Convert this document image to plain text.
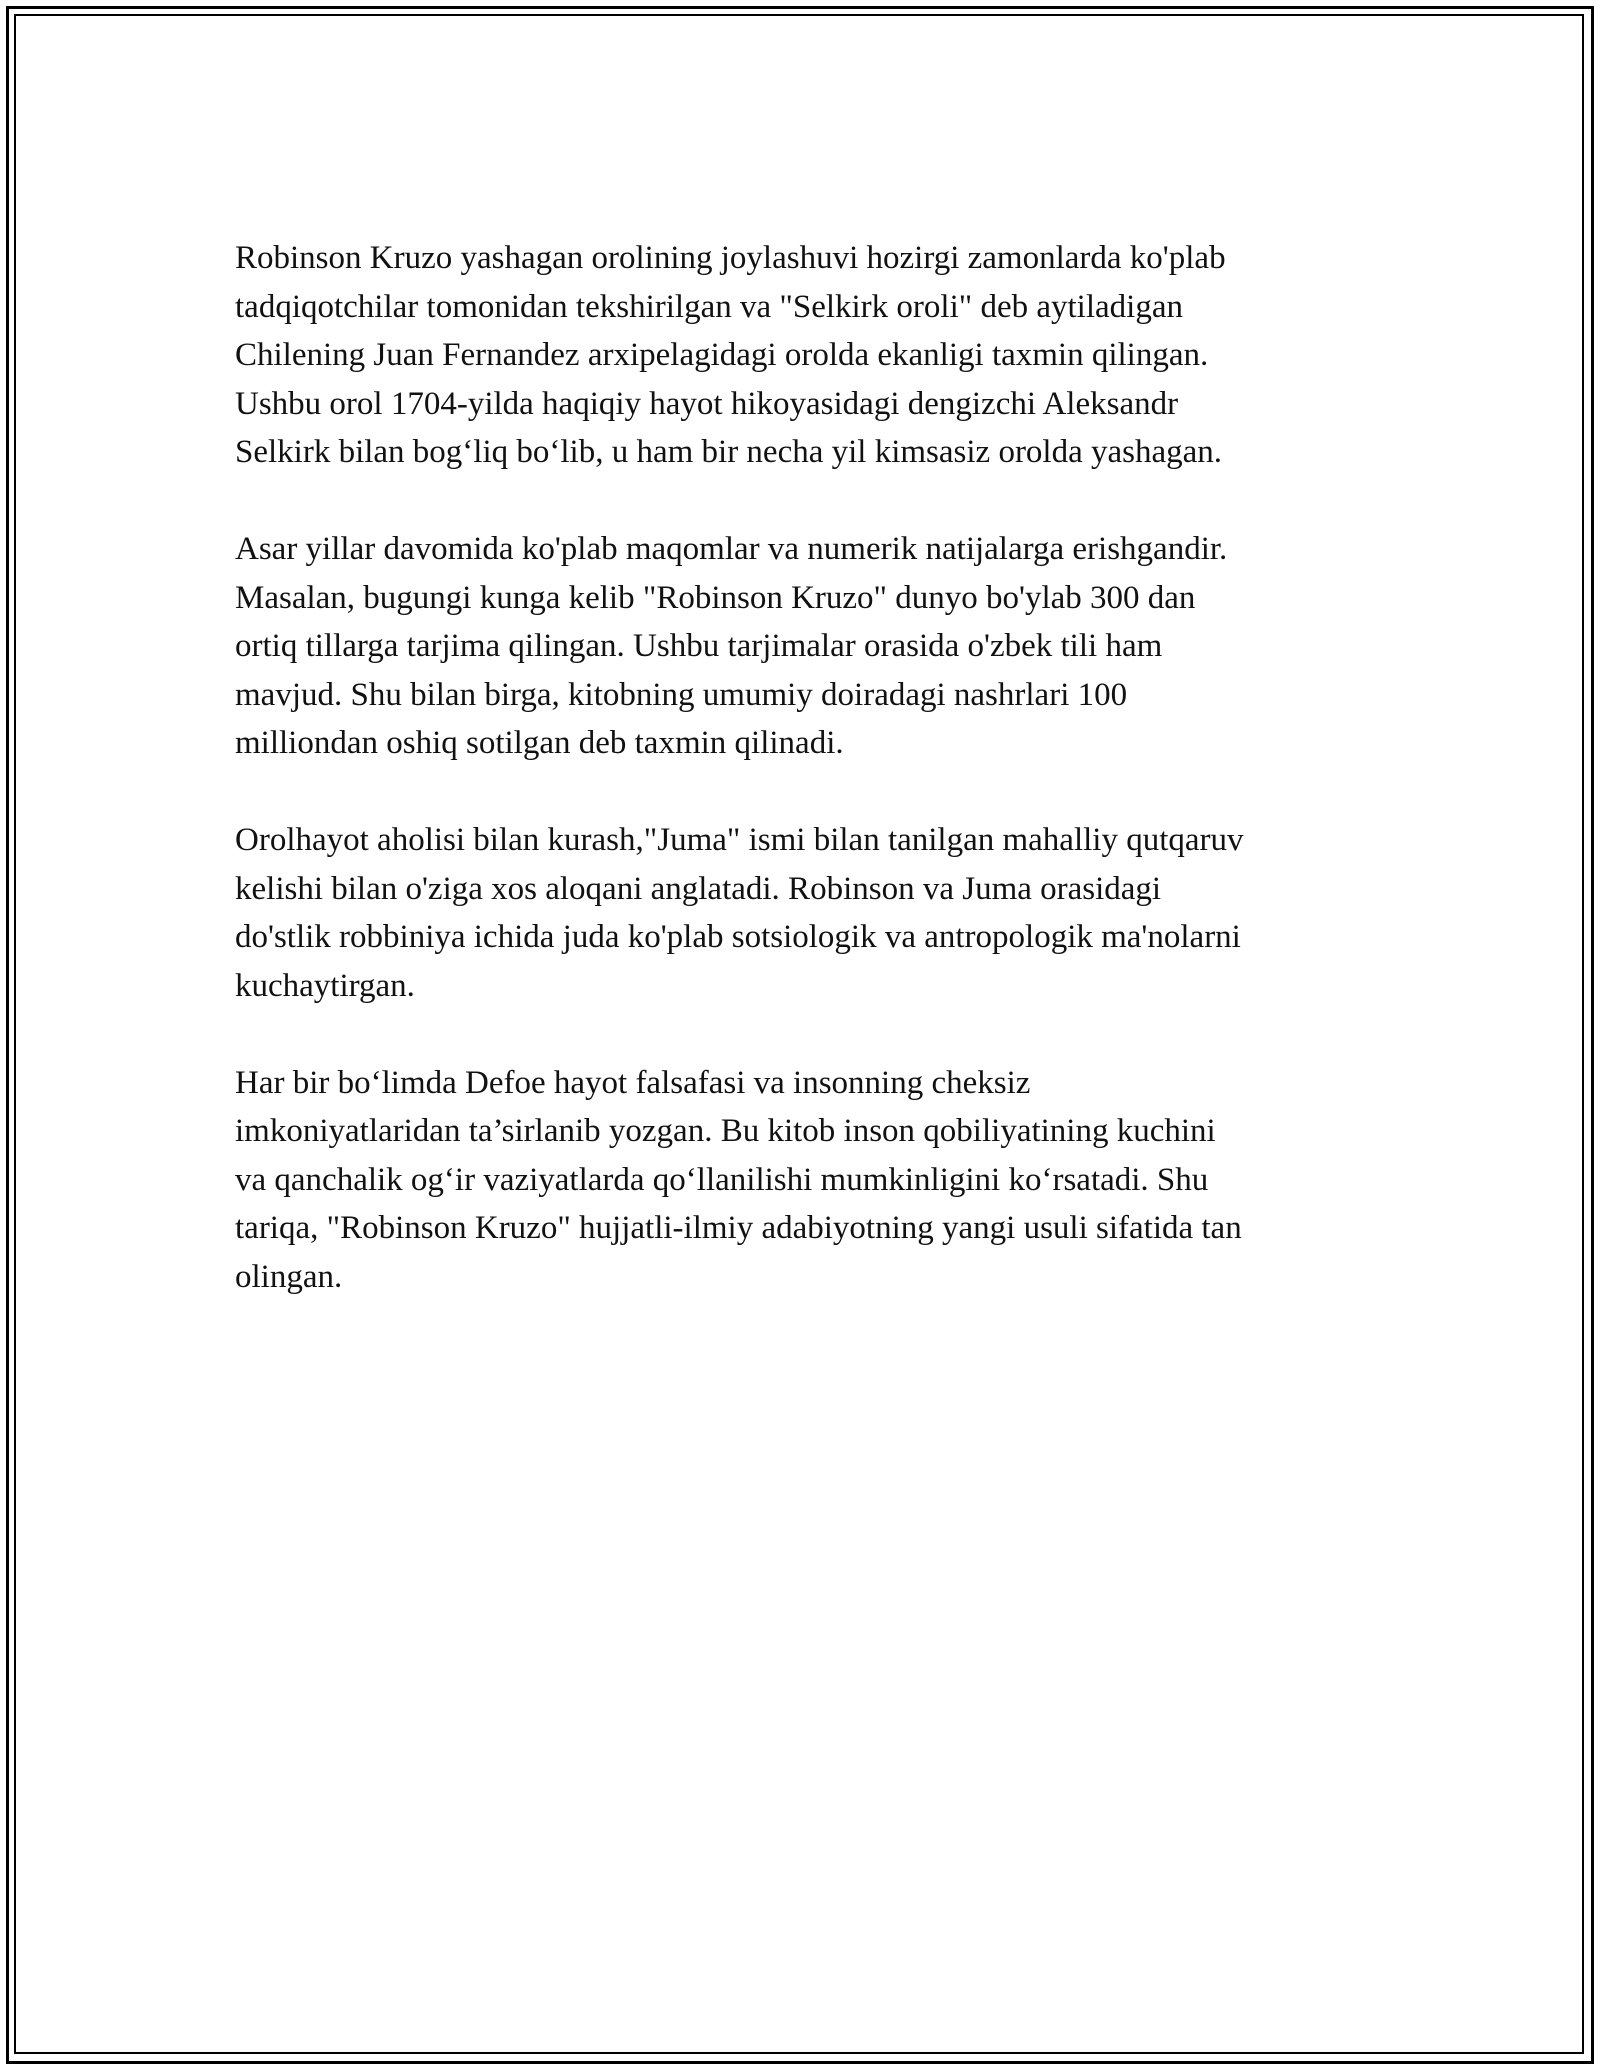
Robinson Kruzo yashagan orolining joylashuvi hozirgi zamonlarda ko'plab
tadqiqotchilar tomonidan tekshirilgan va "Selkirk oroli" deb aytiladigan
Chilening Juan Fernandez arxipelagidagi orolda ekanligi taxmin qilingan.
Ushbu orol 1704-yilda haqiqiy hayot hikoyasidagi dengizchi Aleksandr
Selkirk bilan bog‘liq bo‘lib, u ham bir necha yil kimsasiz orolda yashagan.

Asar yillar davomida ko'plab maqomlar va numerik natijalarga erishgandir.
Masalan, bugungi kunga kelib "Robinson Kruzo" dunyo bo'ylab 300 dan
ortiq tillarga tarjima qilingan. Ushbu tarjimalar orasida o'zbek tili ham
mavjud. Shu bilan birga, kitobning umumiy doiradagi nashrlari 100
milliondan oshiq sotilgan deb taxmin qilinadi.

Orolhayot aholisi bilan kurash,"Juma" ismi bilan tanilgan mahalliy qutqaruv
kelishi bilan o'ziga xos aloqani anglatadi. Robinson va Juma orasidagi
do'stlik robbiniya ichida juda ko'plab sotsiologik va antropologik ma'nolarni
kuchaytirgan.

Har bir bo‘limda Defoe hayot falsafasi va insonning cheksiz
imkoniyatlaridan ta’sirlanib yozgan. Bu kitob inson qobiliyatining kuchini
va qanchalik og‘ir vaziyatlarda qo‘llanilishi mumkinligini ko‘rsatadi. Shu
tariqa, "Robinson Kruzo" hujjatli-ilmiy adabiyotning yangi usuli sifatida tan
olingan.
